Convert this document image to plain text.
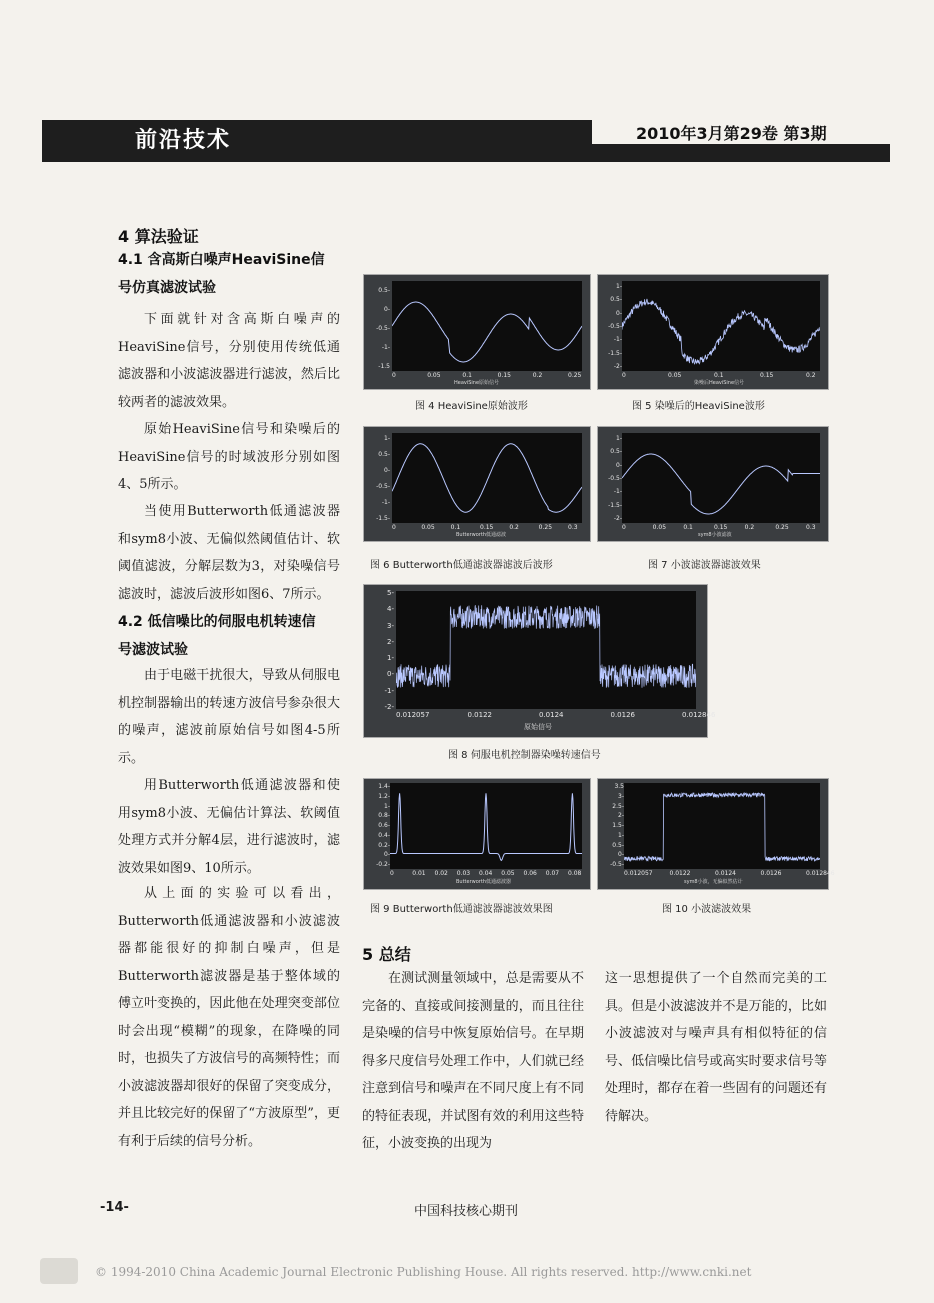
前沿技术	2010年3月第29卷 第3期
4 算法验证
4.1 含高斯白噪声HeaviSine信
号仿真滤波试验
下面就针对含高斯白噪声的HeaviSine信号，分别使用传统低通滤波器和小波滤波器进行滤波，然后比较两者的滤波效果。
原始HeaviSine信号和染噪后的HeaviSine信号的时域波形分别如图4、5所示。
当使用Butterworth低通滤波器和sym8小波、无偏似然阈值估计、软阈值滤波，分解层数为3，对染噪信号滤波时，滤波后波形如图6、7所示。
4.2 低信噪比的伺服电机转速信
号滤波试验
由于电磁干扰很大，导致从伺服电机控制器输出的转速方波信号参杂很大的噪声，滤波前原始信号如图4-5所示。
用Butterworth低通滤波器和使用sym8小波、无偏估计算法、软阈值处理方式并分解4层，进行滤波时，滤波效果如图9、10所示。
从上面的实验可以看出，Butterworth低通滤波器和小波滤波器都能很好的抑制白噪声，但是Butterworth滤波器是基于整体域的傅立叶变换的，因此他在处理突变部位时会出现“模糊”的现象，在降噪的同时，也损失了方波信号的高频特性；而小波滤波器却很好的保留了突变成分，并且比较完好的保留了“方波原型”，更有利于后续的信号分析。
0.5-
0-
-0.5-
-1-
-1.5
0	0.05	0.1	0.15	0.2	0.25
HeaviSine原始信号
图 4 HeaviSine原始波形
1-
0.5-
0-
-0.5-
-1-
-1.5-
-2-
0	0.05	0.1	0.15	0.2
染噪后HeaviSine信号
图 5 染噪后的HeaviSine波形
1-
0.5-
0-
-0.5-
-1-
-1.5-
0	0.05	0.1	0.15	0.2	0.25	0.3
Butterworth低通滤波
图 6 Butterworth低通滤波器滤波后波形
1-
0.5-
0-
-0.5-
-1-
-1.5-
-2-
0	0.05	0.1	0.15	0.2	0.25	0.3
sym8小波滤波
图 7 小波滤波器滤波效果
5-
4-
3-
2-
1-
0-
-1-
-2-
0.012057	0.0122	0.0124	0.0126	0.012846
原始信号
图 8 伺服电机控制器染噪转速信号
1.4-
1.2-
1-
0.8-
0.6-
0.4-
0.2-
0-
-0.2-
0	0.01 0.02 0.03 0.04 0.05 0.06 0.07 0.08
Butterworth低通滤波器
图 9 Butterworth低通滤波器滤波效果图
3.5
3-
2.5-
2-
1.5-
1-
0.5-
0-
-0.5-
0.012057	0.0122	0.0124	0.0126	0.012846
sym8小波，无偏似然估计
图 10 小波滤波效果
5 总结
在测试测量领域中，总是需要从不完备的、直接或间接测量的，而且往往是染噪的信号中恢复原始信号。在早期得多尺度信号处理工作中，人们就已经注意到信号和噪声在不同尺度上有不同的特征表现，并试图有效的利用这些特征，小波变换的出现为
这一思想提供了一个自然而完美的工具。但是小波滤波并不是万能的，比如小波滤波对与噪声具有相似特征的信号、低信噪比信号或高实时要求信号等处理时，都存在着一些固有的问题还有待解决。
-14-	中国科技核心期刊
© 1994-2010 China Academic Journal Electronic Publishing House. All rights reserved. http://www.cnki.net
